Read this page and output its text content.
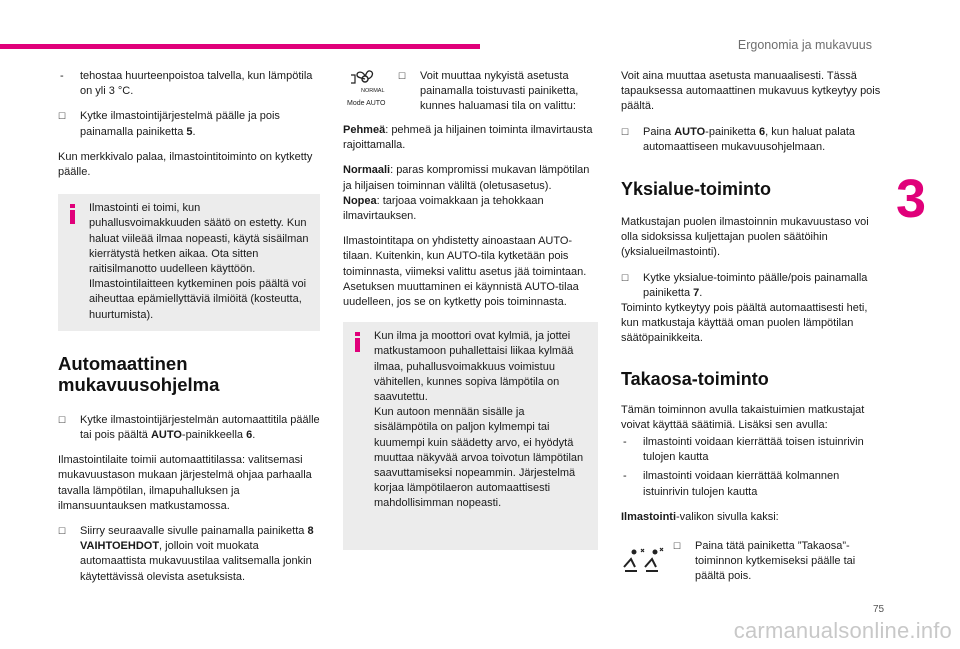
Ergonomia ja mukavuus
3
- tehostaa huurteenpoistoa talvella, kun lämpötila on yli 3 °C.
☐ Kytke ilmastointijärjestelmä päälle ja pois painamalla painiketta 5.

Kun merkkivalo palaa, ilmastointitoiminto on kytketty päälle.

Ilmastointi ei toimi, kun puhallusvoimakkuuden säätö on estetty. Kun haluat viileää ilmaa nopeasti, käytä sisäilman kierrätystä hetken aikaa. Ota sitten raitisilmanotto uudelleen käyttöön. Ilmastointilaitteen kytkeminen pois päältä voi aiheuttaa epämiellyttäviä ilmiöitä (kosteutta, huurtumista).
Automaattinen
mukavuusohjelma
☐ Kytke ilmastointijärjestelmän automaattitila päälle tai pois päältä AUTO-painikkeella 6.

Ilmastointilaite toimii automaattitilassa: valitsemasi mukavuustason mukaan järjestelmä ohjaa parhaalla tavalla lämpötilan, ilmapuhalluksen ja ilmansuuntauksen matkustamossa.

☐ Siirry seuraavalle sivulle painamalla painiketta 8 VAIHTOEHDOT, jolloin voit muokata automaattista mukavuustilaa valitsemalla jonkin käytettävissä olevista asetuksista.
NORMAL
Mode AUTO
☐ Voit muuttaa nykyistä asetusta painamalla toistuvasti painiketta, kunnes haluamasi tila on valittu:

Pehmeä: pehmeä ja hiljainen toiminta ilmavirtausta rajoittamalla.

Normaali: paras kompromissi mukavan lämpötilan ja hiljaisen toiminnan väliltä (oletusasetus).

Nopea: tarjoaa voimakkaan ja tehokkaan ilmavirtauksen.

Ilmastointitapa on yhdistetty ainoastaan AUTO-tilaan. Kuitenkin, kun AUTO-tila kytketään pois toiminnasta, viimeksi valittu asetus jää toimintaan.

Asetuksen muuttaminen ei käynnistä AUTO-tilaa uudelleen, jos se on kytketty pois toiminnasta.

Kun ilma ja moottori ovat kylmiä, ja jottei matkustamoon puhallettaisi liikaa kylmää ilmaa, puhallusvoimakkuus voimistuu vähitellen, kunnes sopiva lämpötila on saavutettu.
Kun autoon mennään sisälle ja sisälämpötila on paljon kylmempi tai kuumempi kuin säädetty arvo, ei hyödytä muuttaa näkyvää arvoa toivotun lämpötilan saavuttamiseksi nopeammin. Järjestelmä korjaa lämpötilaeron automaattisesti mahdollisimman nopeasti.

Voit aina muuttaa asetusta manuaalisesti. Tässä tapauksessa automaattinen mukavuus kytkeytyy pois päältä.

☐ Paina AUTO-painiketta 6, kun haluat palata automaattiseen mukavuusohjelmaan.
Yksialue-toiminto

Matkustajan puolen ilmastoinnin mukavuustaso voi olla sidoksissa kuljettajan puolen säätöihin (yksialueilmastointi).

☐ Kytke yksialue-toiminto päälle/pois painamalla painiketta 7.

Toiminto kytkeytyy pois päältä automaattisesti heti, kun matkustaja käyttää oman puolen lämpötilan säätöpainikkeita.

Takaosa-toiminto

Tämän toiminnon avulla takaistuimien matkustajat voivat käyttää säätimiä. Lisäksi sen avulla:

- ilmastointi voidaan kierrättää toisen istuinrivin tulojen kautta
- ilmastointi voidaan kierrättää kolmannen istuinrivin tulojen kautta

Ilmastointi-valikon sivulla kaksi:

☐ Paina tätä painiketta ”Takaosa”-toiminnon kytkemiseksi päälle tai päältä pois.
75
carmanualsonline.info
